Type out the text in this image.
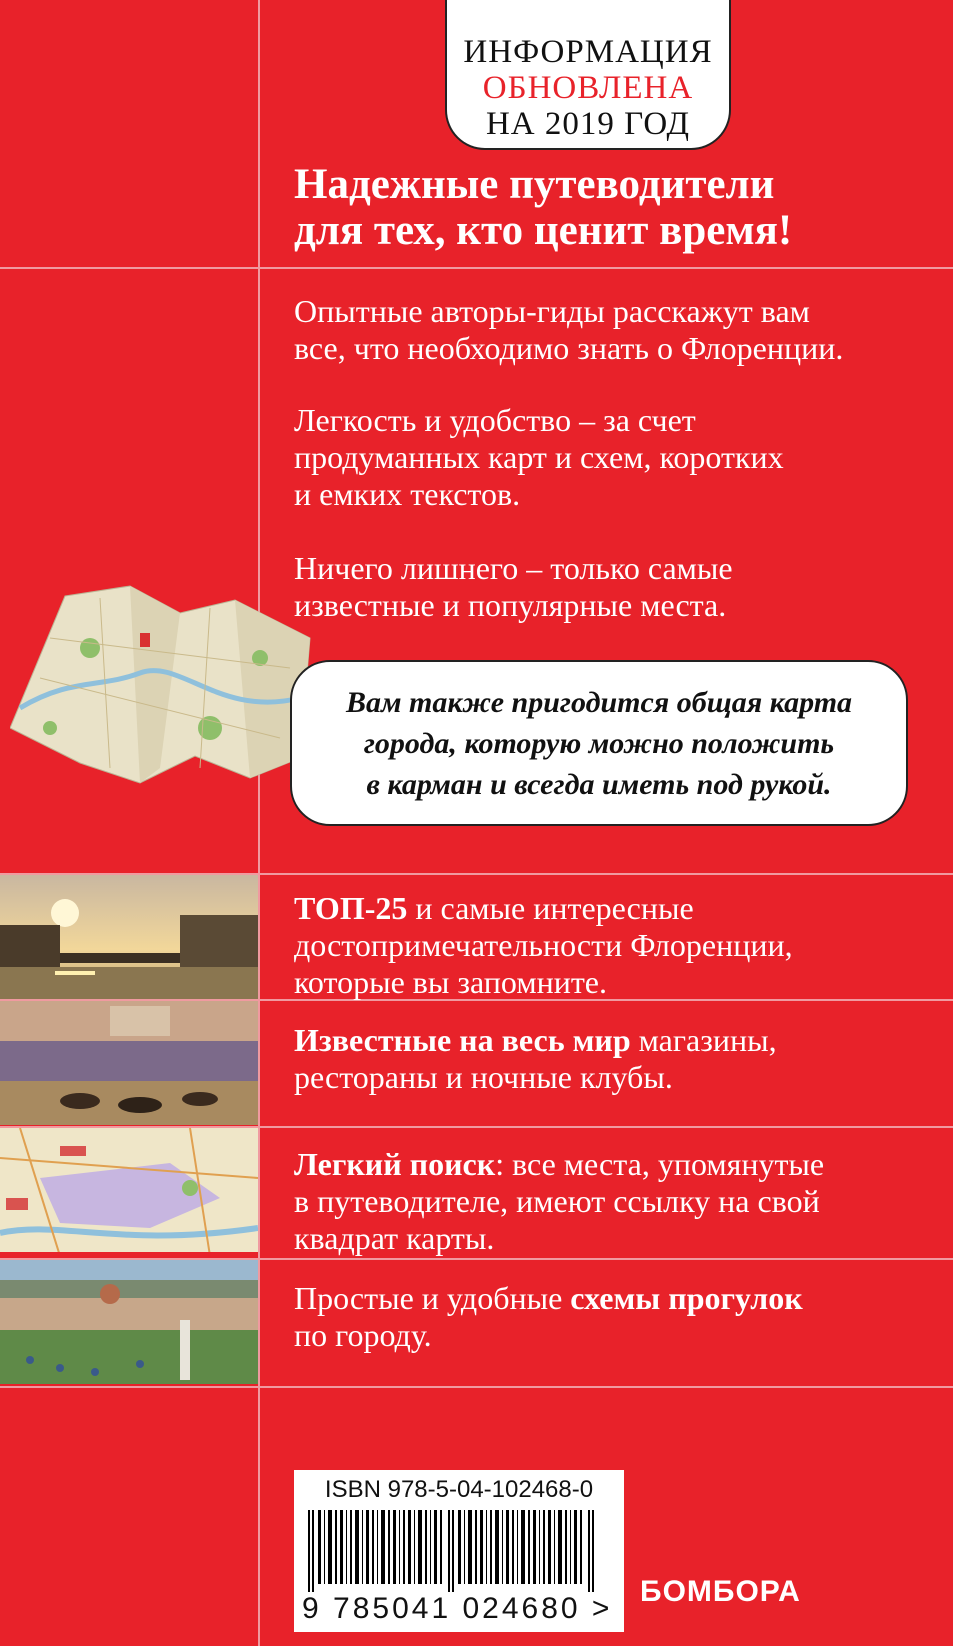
ИНФОРМАЦИЯ
ОБНОВЛЕНА
НА 2019 ГОД
Надежные путеводители
для тех, кто ценит время!
Опытные авторы-гиды расскажут вам
все, что необходимо знать о Флоренции.
Легкость и удобство – за счет
продуманных карт и схем, коротких
и емких текстов.
Ничего лишнего – только самые
известные и популярные места.
Вам также пригодится общая карта
города, которую можно положить
в карман и всегда иметь под рукой.
ТОП-25 и самые интересные
достопримечательности Флоренции,
которые вы запомните.
Известные на весь мир магазины,
рестораны и ночные клубы.
Легкий поиск: все места, упомянутые
в путеводителе, имеют ссылку на свой
квадрат карты.
Простые и удобные схемы прогулок
по городу.
ISBN 978-5-04-102468-0
9 785041 024680 >
БОМБОРА
